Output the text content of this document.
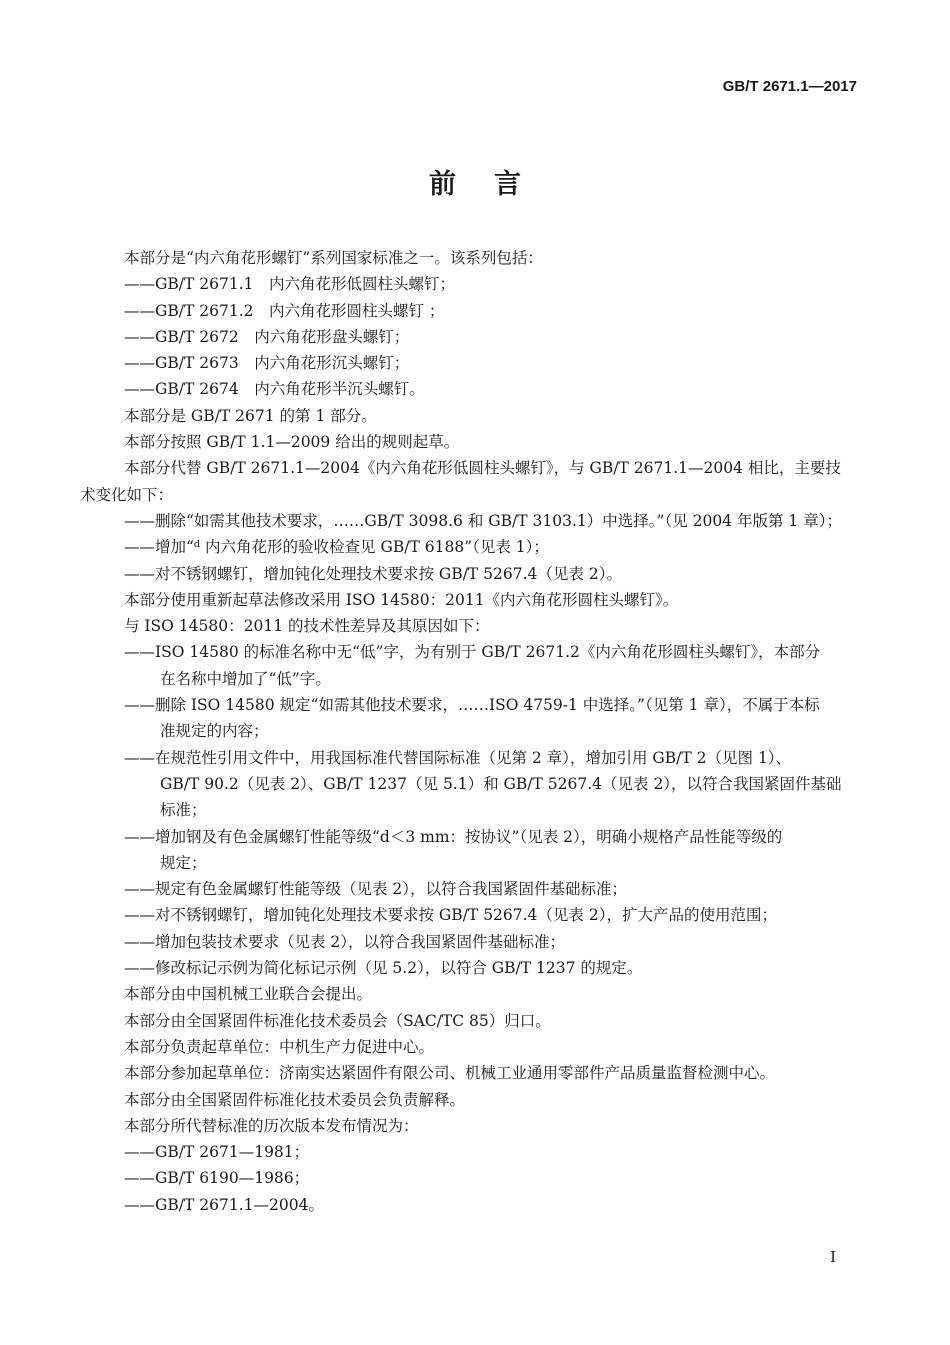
GB/T 2671.1—2017
前言
本部分是“内六角花形螺钉”系列国家标准之一。该系列包括：
——GB/T 2671.1　内六角花形低圆柱头螺钉；
——GB/T 2671.2　内六角花形圆柱头螺钉 ；
——GB/T 2672　内六角花形盘头螺钉；
——GB/T 2673　内六角花形沉头螺钉；
——GB/T 2674　内六角花形半沉头螺钉。
本部分是 GB/T 2671 的第 1 部分。
本部分按照 GB/T 1.1—2009 给出的规则起草。
本部分代替 GB/T 2671.1—2004《内六角花形低圆柱头螺钉》，与 GB/T 2671.1—2004 相比，主要技
术变化如下：
——删除“如需其他技术要求，……GB/T 3098.6 和 GB/T 3103.1）中选择。”（见 2004 年版第 1 章）；
——增加“ᵈ 内六角花形的验收检查见 GB/T 6188”（见表 1）；
——对不锈钢螺钉，增加钝化处理技术要求按 GB/T 5267.4（见表 2）。
本部分使用重新起草法修改采用 ISO 14580：2011《内六角花形圆柱头螺钉》。
与 ISO 14580：2011 的技术性差异及其原因如下：
——ISO 14580 的标准名称中无“低”字，为有别于 GB/T 2671.2《内六角花形圆柱头螺钉》，本部分
在名称中增加了“低”字。
——删除 ISO 14580 规定“如需其他技术要求，……ISO 4759-1 中选择。”（见第 1 章），不属于本标
准规定的内容；
——在规范性引用文件中，用我国标准代替国际标准（见第 2 章），增加引用 GB/T 2（见图 1）、
GB/T 90.2（见表 2）、GB/T 1237（见 5.1）和 GB/T 5267.4（见表 2），以符合我国紧固件基础
标准；
——增加钢及有色金属螺钉性能等级“d＜3 mm：按协议”（见表 2），明确小规格产品性能等级的
规定；
——规定有色金属螺钉性能等级（见表 2），以符合我国紧固件基础标准；
——对不锈钢螺钉，增加钝化处理技术要求按 GB/T 5267.4（见表 2），扩大产品的使用范围；
——增加包装技术要求（见表 2），以符合我国紧固件基础标准；
——修改标记示例为简化标记示例（见 5.2），以符合 GB/T 1237 的规定。
本部分由中国机械工业联合会提出。
本部分由全国紧固件标准化技术委员会（SAC/TC 85）归口。
本部分负责起草单位：中机生产力促进中心。
本部分参加起草单位：济南实达紧固件有限公司、机械工业通用零部件产品质量监督检测中心。
本部分由全国紧固件标准化技术委员会负责解释。
本部分所代替标准的历次版本发布情况为：
——GB/T 2671—1981；
——GB/T 6190—1986；
——GB/T 2671.1—2004。
I
